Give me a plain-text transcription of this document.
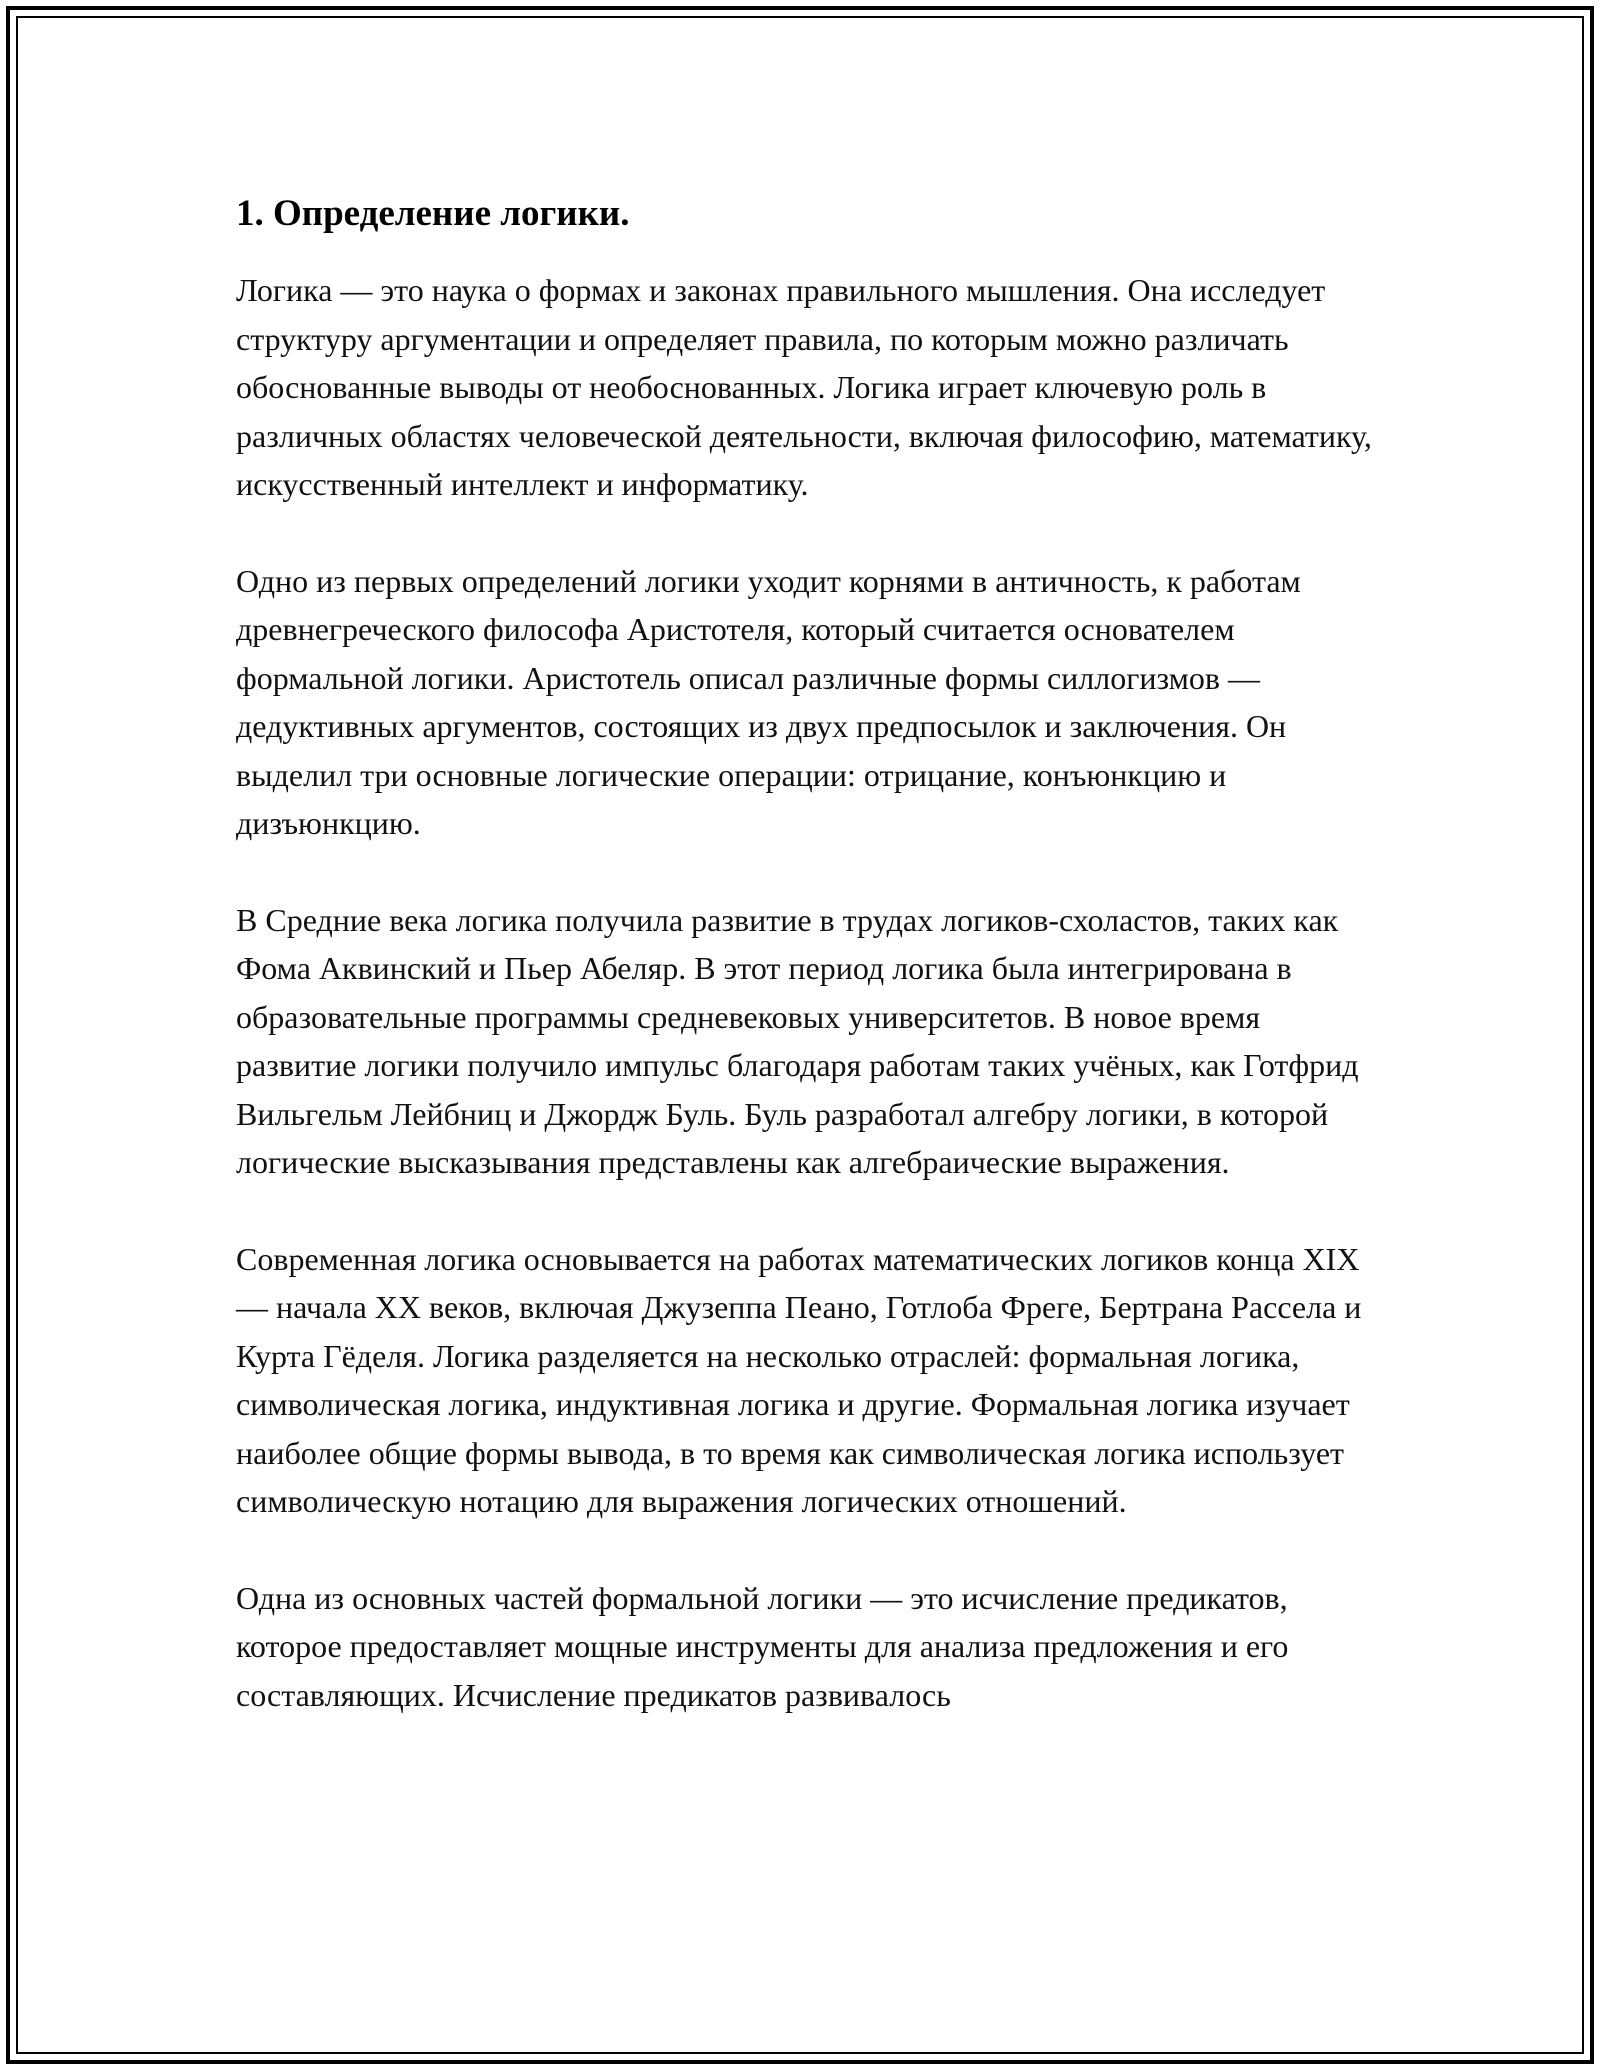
1. Определение логики.

Логика — это наука о формах и законах правильного мышления. Она исследует структуру аргументации и определяет правила, по которым можно различать обоснованные выводы от необоснованных. Логика играет ключевую роль в различных областях человеческой деятельности, включая философию, математику, искусственный интеллект и информатику.

Одно из первых определений логики уходит корнями в античность, к работам древнегреческого философа Аристотеля, который считается основателем формальной логики. Аристотель описал различные формы силлогизмов — дедуктивных аргументов, состоящих из двух предпосылок и заключения. Он выделил три основные логические операции: отрицание, конъюнкцию и дизъюнкцию.

В Средние века логика получила развитие в трудах логиков-схоластов, таких как Фома Аквинский и Пьер Абеляр. В этот период логика была интегрирована в образовательные программы средневековых университетов. В новое время развитие логики получило импульс благодаря работам таких учёных, как Готфрид Вильгельм Лейбниц и Джордж Буль. Буль разработал алгебру логики, в которой логические высказывания представлены как алгебраические выражения.

Современная логика основывается на работах математических логиков конца XIX — начала XX веков, включая Джузеппа Пеано, Готлоба Фреге, Бертрана Рассела и Курта Гёделя. Логика разделяется на несколько отраслей: формальная логика, символическая логика, индуктивная логика и другие. Формальная логика изучает наиболее общие формы вывода, в то время как символическая логика использует символическую нотацию для выражения логических отношений.

Одна из основных частей формальной логики — это исчисление предикатов, которое предоставляет мощные инструменты для анализа предложения и его составляющих. Исчисление предикатов развивалось
